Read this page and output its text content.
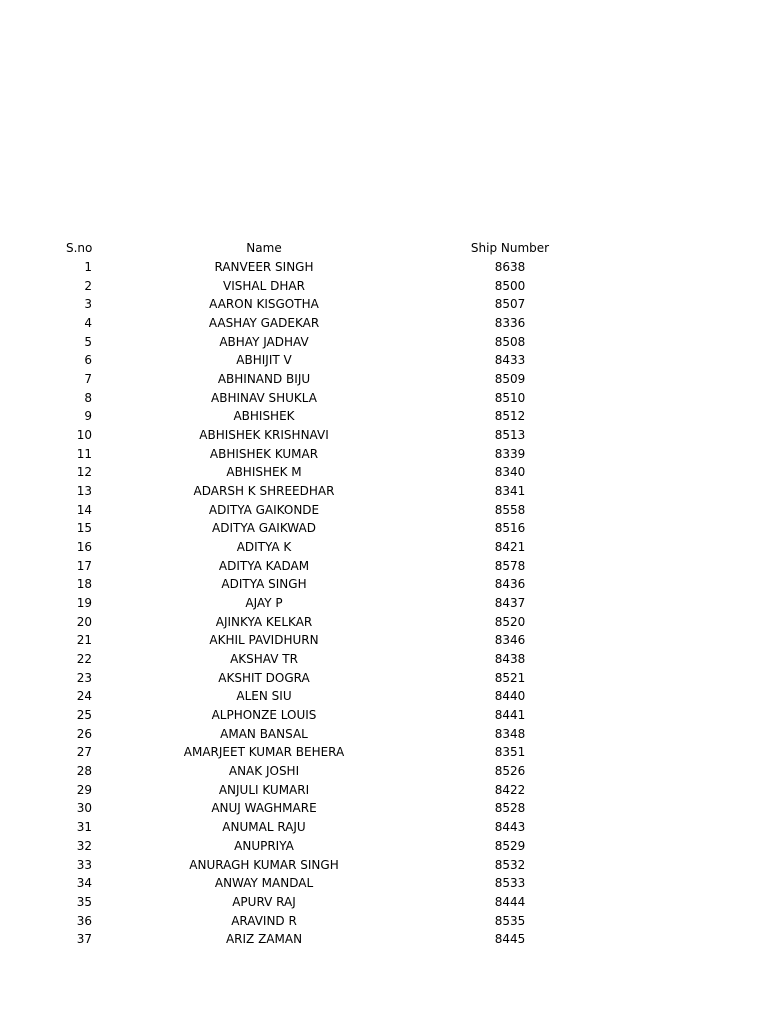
S.no	Name	Ship Number	

1	RANVEER SINGH	8638	

2	VISHAL DHAR	8500	

3	AARON KISGOTHA	8507	

4	AASHAY GADEKAR	8336	

5	ABHAY JADHAV	8508	

6	ABHIJIT V	8433	

7	ABHINAND BIJU	8509	

8	ABHINAV SHUKLA	8510	

9	ABHISHEK	8512	

10	ABHISHEK KRISHNAVI	8513	

11	ABHISHEK KUMAR	8339	

12	ABHISHEK M	8340	

13	ADARSH K SHREEDHAR	8341	

14	ADITYA GAIKONDE	8558	

15	ADITYA GAIKWAD	8516	

16	ADITYA K	8421	

17	ADITYA KADAM	8578	

18	ADITYA SINGH	8436	

19	AJAY P	8437	

20	AJINKYA KELKAR	8520	

21	AKHIL PAVIDHURN	8346	

22	AKSHAV TR	8438	

23	AKSHIT DOGRA	8521	

24	ALEN SIU	8440	

25	ALPHONZE LOUIS	8441	

26	AMAN BANSAL	8348	

27	AMARJEET KUMAR BEHERA	8351	

28	ANAK JOSHI	8526	

29	ANJULI KUMARI	8422	

30	ANUJ WAGHMARE	8528	

31	ANUMAL RAJU	8443	

32	ANUPRIYA	8529	

33	ANURAGH KUMAR SINGH	8532	

34	ANWAY MANDAL	8533	

35	APURV RAJ	8444	

36	ARAVIND R	8535	

37	ARIZ ZAMAN	8445	
